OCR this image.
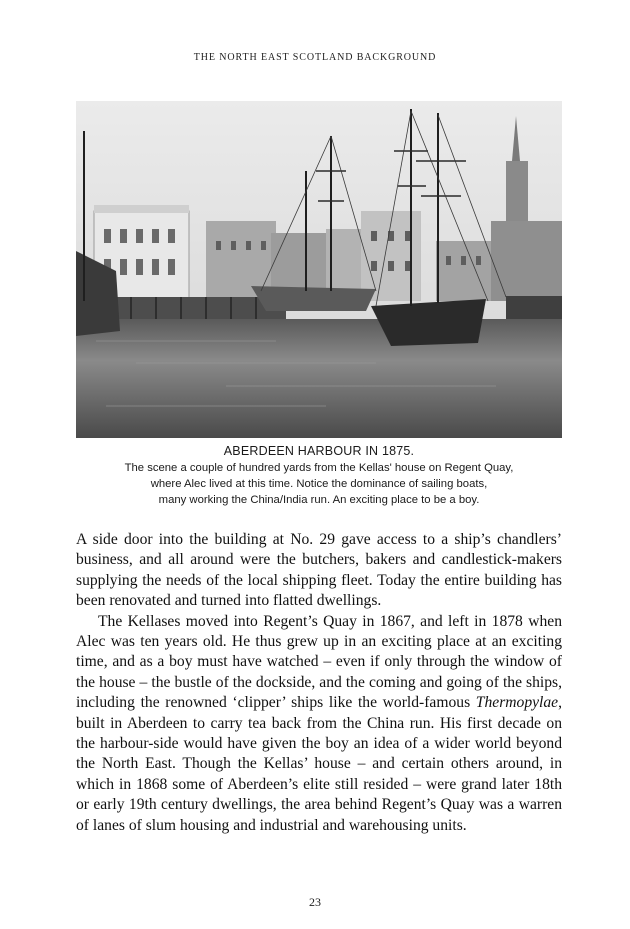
THE NORTH EAST SCOTLAND BACKGROUND
ABERDEEN HARBOUR IN 1875.
The scene a couple of hundred yards from the Kellas' house on Regent Quay,
where Alec lived at this time. Notice the dominance of sailing boats,
many working the China/India run. An exciting place to be a boy.

A side door into the building at No. 29 gave access to a ship’s chandlers’ business, and all around were the butchers, bakers and candlestick-makers supplying the needs of the local shipping fleet. Today the entire building has been renovated and turned into flatted dwellings.

The Kellases moved into Regent’s Quay in 1867, and left in 1878 when Alec was ten years old. He thus grew up in an exciting place at an exciting time, and as a boy must have watched – even if only through the window of the house – the bustle of the dockside, and the coming and going of the ships, including the renowned ‘clipper’ ships like the world-famous Thermopylae, built in Aberdeen to carry tea back from the China run. His first decade on the harbour-side would have given the boy an idea of a wider world beyond the North East. Though the Kellas’ house – and certain others around, in which in 1868 some of Aberdeen’s elite still resided – were grand later 18th or early 19th century dwellings, the area behind Regent’s Quay was a warren of lanes of slum housing and industrial and warehousing units.

23
